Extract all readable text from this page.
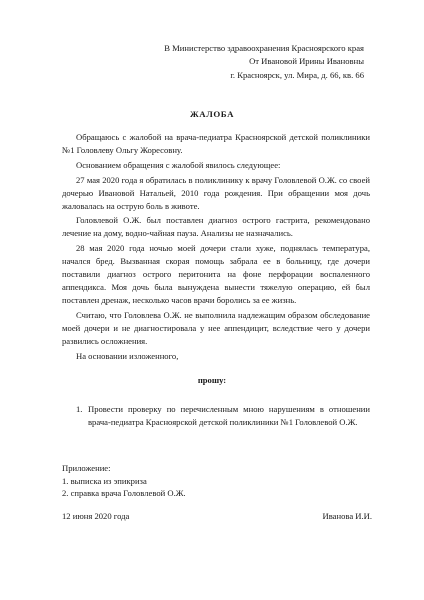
В Министерство здравоохранения Красноярского края
От Ивановой Ирины Ивановны
г. Красноярск, ул. Мира, д. 66, кв. 66
ЖАЛОБА

Обращаюсь с жалобой на врача-педиатра Красноярской детской поликлиники №1 Головлеву Ольгу Жоресовну.

Основанием обращения с жалобой явилось следующее:

27 мая 2020 года я обратилась в поликлинику к врачу Головлевой О.Ж. со своей дочерью Ивановой Натальей, 2010 года рождения. При обращении моя дочь жаловалась на острую боль в животе.

Головлевой О.Ж. был поставлен диагноз острого гастрита, рекомендовано лечение на дому, водно-чайная пауза. Анализы не назначались.

28 мая 2020 года ночью моей дочери стали хуже, поднялась температура, начался бред. Вызванная скорая помощь забрала ее в больницу, где дочери поставили диагноз острого перитонита на фоне перфорации воспаленного аппендикса. Моя дочь была вынуждена вынести тяжелую операцию, ей был поставлен дренаж, несколько часов врачи боролись за ее жизнь.

Считаю, что Головлева О.Ж. не выполнила надлежащим образом обследование моей дочери и не диагностировала у нее аппендицит, вследствие чего у дочери развились осложнения.

На основании изложенного,

прошу:
1. Провести проверку по перечисленным мною нарушениям в отношении врача-педиатра Красноярской детской поликлиники №1 Головлевой О.Ж.
Приложение:
1. выписка из эпикриза
2. справка врача Головлевой О.Ж.
12 июня 2020 года	Иванова И.И.
